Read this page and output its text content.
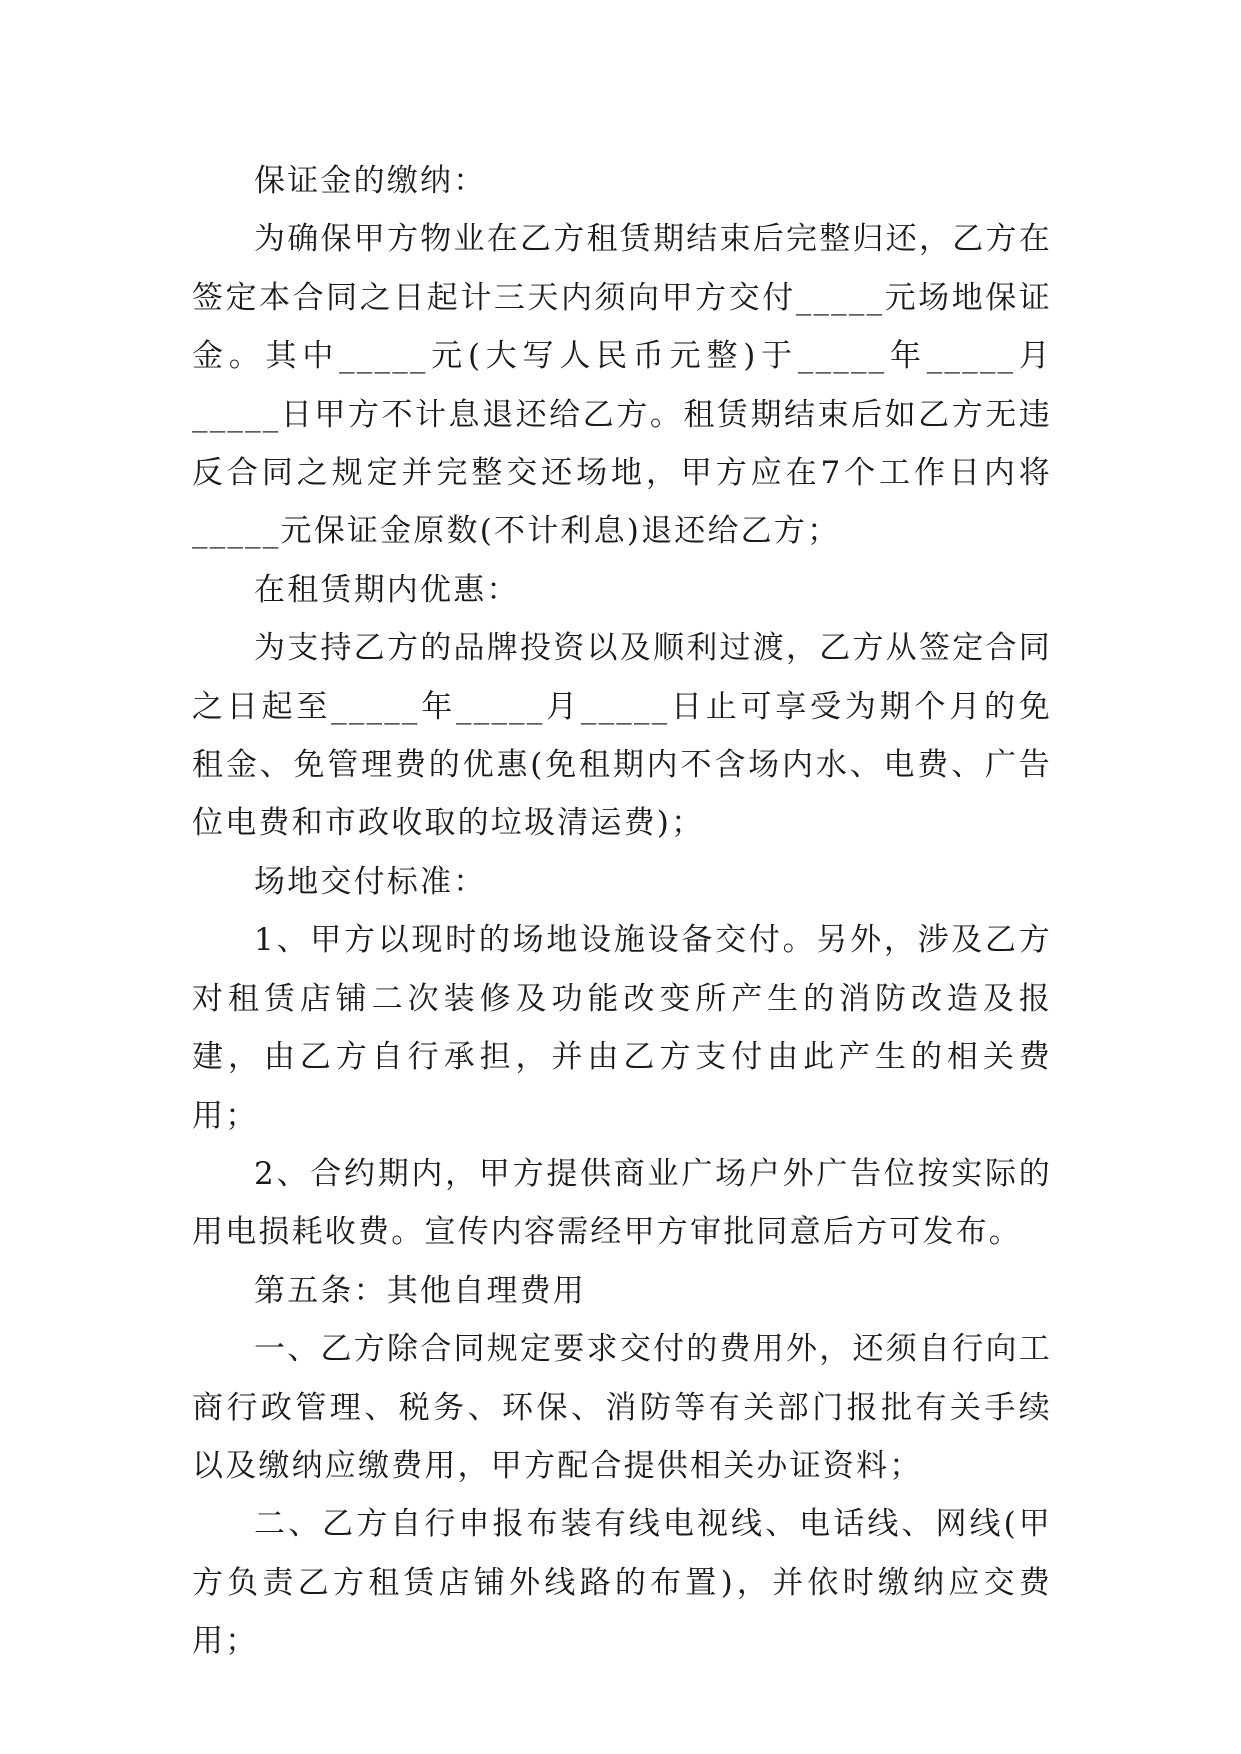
保证金的缴纳：

为确保甲方物业在乙方租赁期结束后完整归还，乙方在签定本合同之日起计三天内须向甲方交付_____元场地保证金。其中_____元(大写人民币元整)于_____年_____月_____日甲方不计息退还给乙方。租赁期结束后如乙方无违反合同之规定并完整交还场地，甲方应在7个工作日内将_____元保证金原数(不计利息)退还给乙方；

在租赁期内优惠：

为支持乙方的品牌投资以及顺利过渡，乙方从签定合同之日起至_____年_____月_____日止可享受为期个月的免租金、免管理费的优惠(免租期内不含场内水、电费、广告位电费和市政收取的垃圾清运费)；

场地交付标准：

1、甲方以现时的场地设施设备交付。另外，涉及乙方对租赁店铺二次装修及功能改变所产生的消防改造及报建，由乙方自行承担，并由乙方支付由此产生的相关费用；

2、合约期内，甲方提供商业广场户外广告位按实际的用电损耗收费。宣传内容需经甲方审批同意后方可发布。

第五条：其他自理费用

一、乙方除合同规定要求交付的费用外，还须自行向工商行政管理、税务、环保、消防等有关部门报批有关手续以及缴纳应缴费用，甲方配合提供相关办证资料；

二、乙方自行申报布装有线电视线、电话线、网线(甲方负责乙方租赁店铺外线路的布置)，并依时缴纳应交费用；
